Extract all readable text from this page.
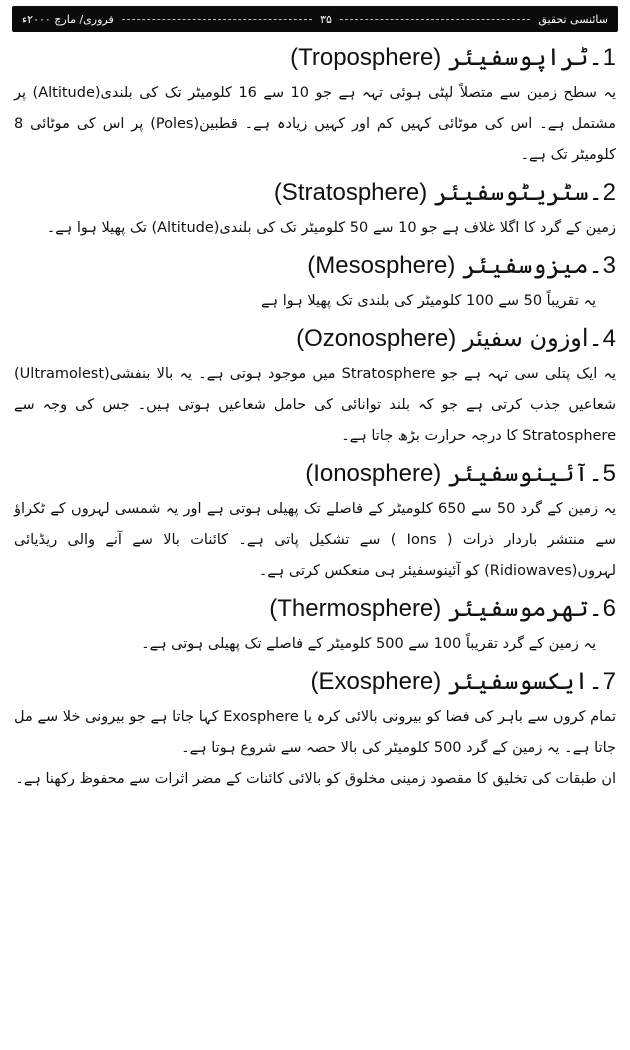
سائنسی تحقیق
۳۵
فروری/ مارچ ۲۰۰۰ء
1۔ٹراپوسفیئر (Troposphere)

یہ سطح زمین سے متصلاً لپٹی ہوئی تہہ ہے جو 10 سے 16 کلومیٹر تک کی بلندی(Altitude) پر مشتمل ہے۔ اس کی موٹائی کہیں کم اور کہیں زیادہ ہے۔ قطبین(Poles) پر اس کی موٹائی 8 کلومیٹر تک ہے۔

2۔سٹریٹوسفیئر (Stratosphere)

زمین کے گرد کا اگلا غلاف ہے جو 10 سے 50 کلومیٹر تک کی بلندی(Altitude) تک پھیلا ہوا ہے۔

3۔میزوسفیئر (Mesosphere)

یہ تقریباً 50 سے 100 کلومیٹر کی بلندی تک پھیلا ہوا ہے

4۔اوزون سفیئر (Ozonosphere)

یہ ایک پتلی سی تہہ ہے جو Stratosphere میں موجود ہوتی ہے۔ یہ بالا بنفشی(Ultramolest) شعاعیں جذب کرتی ہے جو کہ بلند توانائی کی حامل شعاعیں ہوتی ہیں۔ جس کی وجہ سے Stratosphere کا درجہ حرارت بڑھ جاتا ہے۔

5۔آئینوسفیئر (Ionosphere)

یہ زمین کے گرد 50 سے 650 کلومیٹر کے فاصلے تک پھیلی ہوتی ہے اور یہ شمسی لہروں کے ٹکراؤ سے منتشر باردار ذرات ( Ions ) سے تشکیل پاتی ہے۔ کائنات بالا سے آنے والی ریڈیائی لہروں(Ridiowaves) کو آئینوسفیئر ہی منعکس کرتی ہے۔

6۔تھرموسفیئر (Thermosphere)

یہ زمین کے گرد تقریباً 100 سے 500 کلومیٹر کے فاصلے تک پھیلی ہوتی ہے۔

7۔ایکسوسفیئر (Exosphere)

تمام کروں سے باہر کی فضا کو بیرونی بالائی کرہ یا Exosphere کہا جاتا ہے جو بیرونی خلا سے مل جاتا ہے۔ یہ زمین کے گرد 500 کلومیٹر کی بالا حصہ سے شروع ہوتا ہے۔

ان طبقات کی تخلیق کا مقصود زمینی مخلوق کو بالائی کائنات کے مضر اثرات سے محفوظ رکھنا ہے۔
